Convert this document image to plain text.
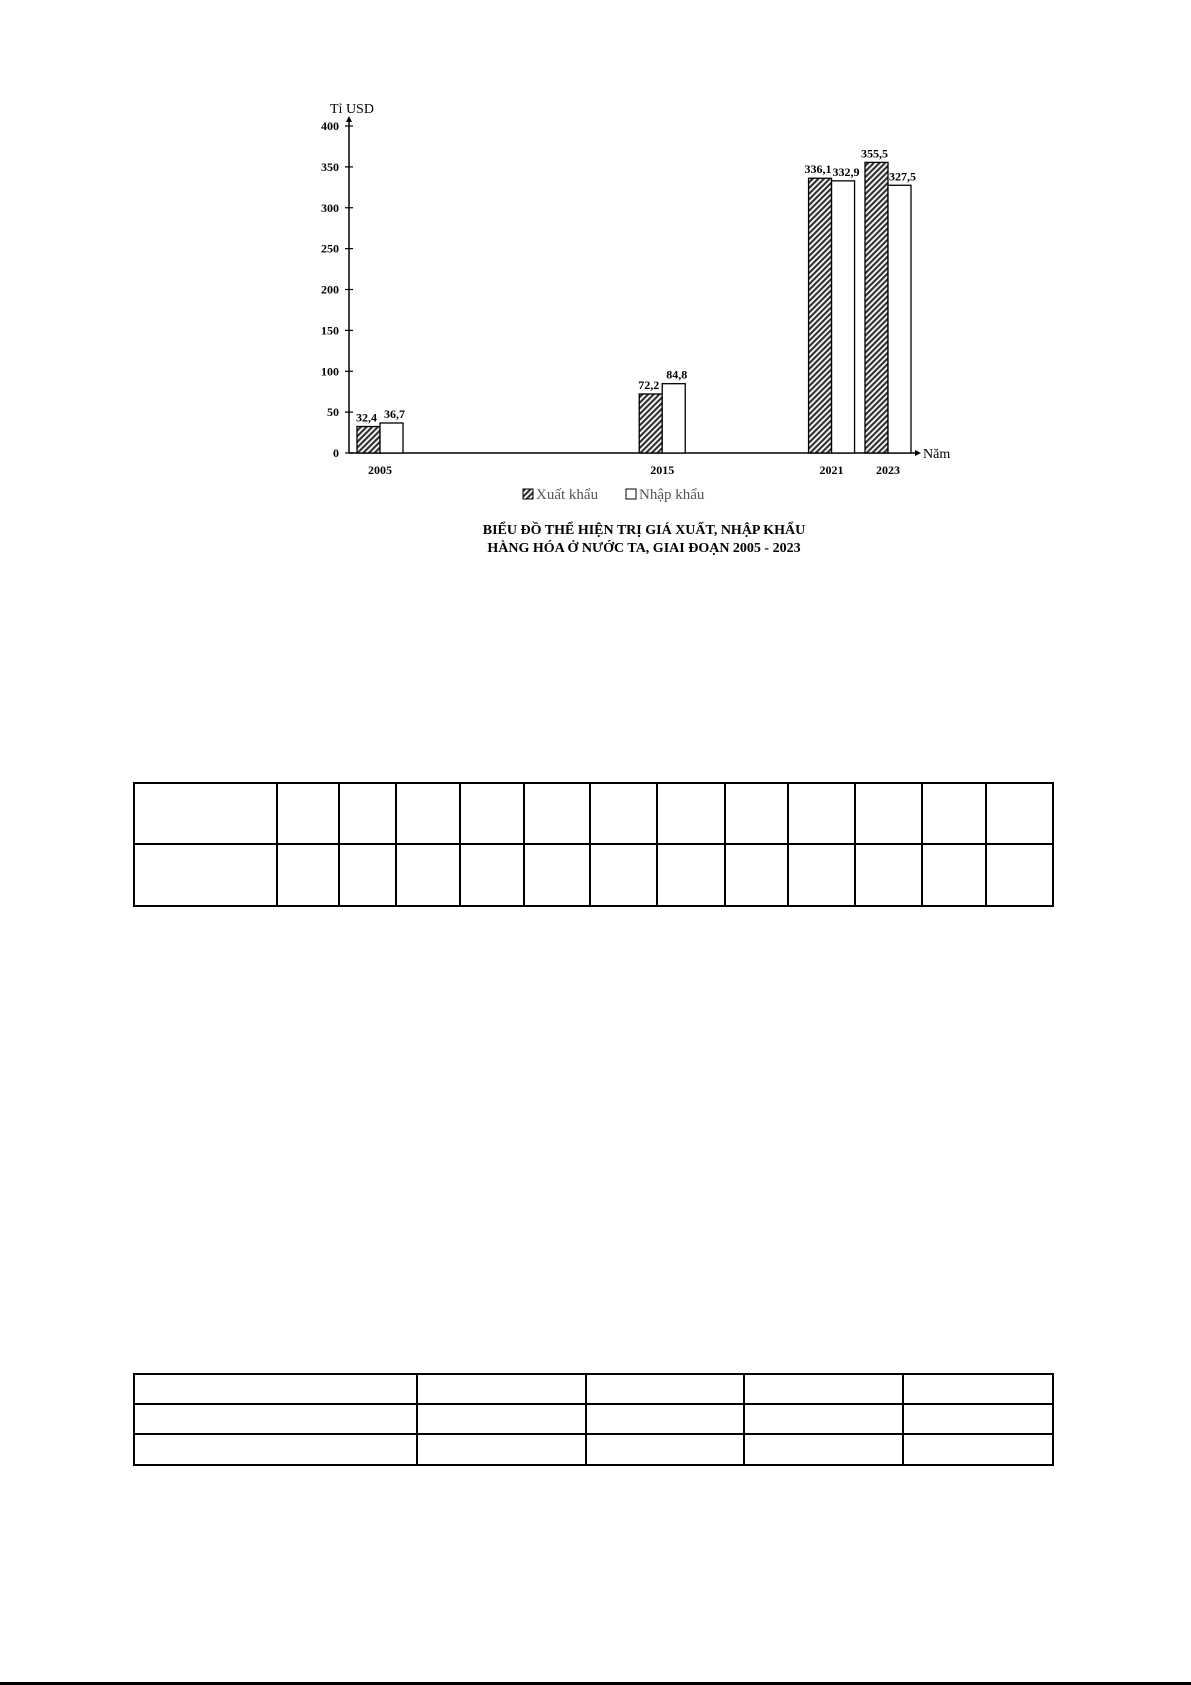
0
50
100
150
200
250
300
350
400
Tỉ USD
Năm
2005	2015	2021	2023
32,4 36,7
72,2
84,8
336,1 332,9
355,5
327,5
Xuất khẩu	Nhập khẩu
BIỂU ĐỒ THỂ HIỆN TRỊ GIÁ XUẤT, NHẬP KHẨU
HÀNG HÓA Ở NƯỚC TA, GIAI ĐOẠN 2005 - 2023
